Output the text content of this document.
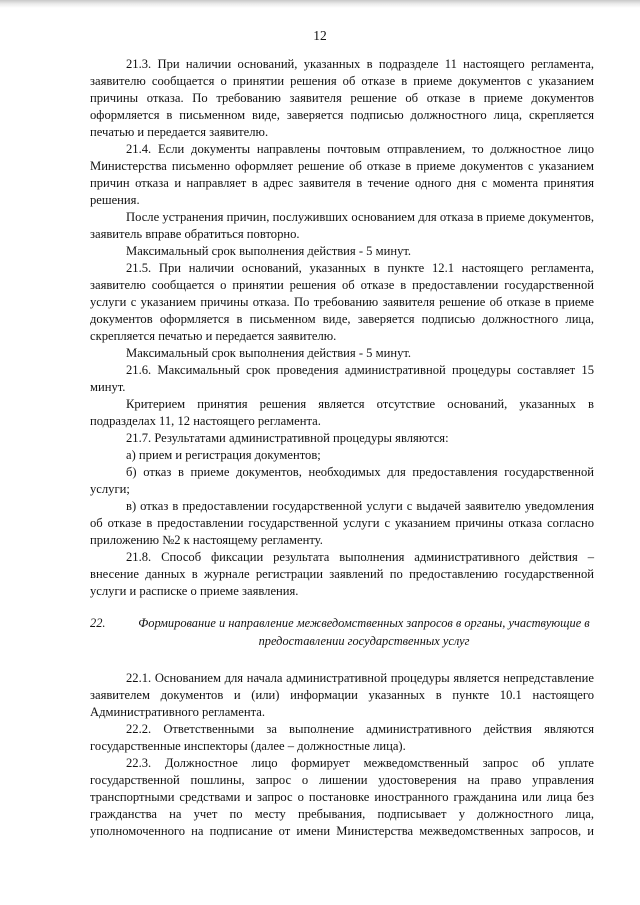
12

21.3. При наличии оснований, указанных в подразделе 11 настоящего регламента, заявителю сообщается о принятии решения об отказе в приеме документов с указанием причины отказа. По требованию заявителя решение об отказе в приеме документов оформляется в письменном виде, заверяется подписью должностного лица, скрепляется печатью и передается заявителю.

21.4. Если документы направлены почтовым отправлением, то должностное лицо Министерства письменно оформляет решение об отказе в приеме документов с указанием причин отказа и направляет в адрес заявителя в течение одного дня с момента принятия решения.

После устранения причин, послуживших основанием для отказа в приеме документов, заявитель вправе обратиться повторно.

Максимальный срок выполнения действия - 5 минут.

21.5. При наличии оснований, указанных в пункте 12.1 настоящего регламента, заявителю сообщается о принятии решения об отказе в предоставлении государственной услуги с указанием причины отказа. По требованию заявителя решение об отказе в приеме документов оформляется в письменном виде, заверяется подписью должностного лица, скрепляется печатью и передается заявителю.

Максимальный срок выполнения действия - 5 минут.

21.6. Максимальный срок проведения административной процедуры составляет 15 минут.

Критерием принятия решения является отсутствие оснований, указанных в подразделах 11, 12 настоящего регламента.

21.7. Результатами административной процедуры являются:

а) прием и регистрация документов;

б) отказ в приеме документов, необходимых для предоставления государственной услуги;

в) отказ в предоставлении государственной услуги с выдачей заявителю уведомления об отказе в предоставлении государственной услуги с указанием причины отказа согласно приложению №2 к настоящему регламенту.

21.8. Способ фиксации результата выполнения административного действия – внесение данных в журнале регистрации заявлений по предоставлению государственной услуги и расписке о приеме заявления.

22.	Формирование и направление межведомственных запросов в органы, участвующие в предоставлении государственных услуг

22.1. Основанием для начала административной процедуры является непредставление заявителем документов и (или) информации указанных в пункте 10.1 настоящего Административного регламента.

22.2. Ответственными за выполнение административного действия являются государственные инспекторы (далее – должностные лица).

22.3. Должностное лицо формирует межведомственный запрос об уплате государственной пошлины, запрос о лишении удостоверения на право управления транспортными средствами и запрос о постановке иностранного гражданина или лица без гражданства на учет по месту пребывания, подписывает у должностного лица, уполномоченного на подписание от имени Министерства межведомственных запросов, и
